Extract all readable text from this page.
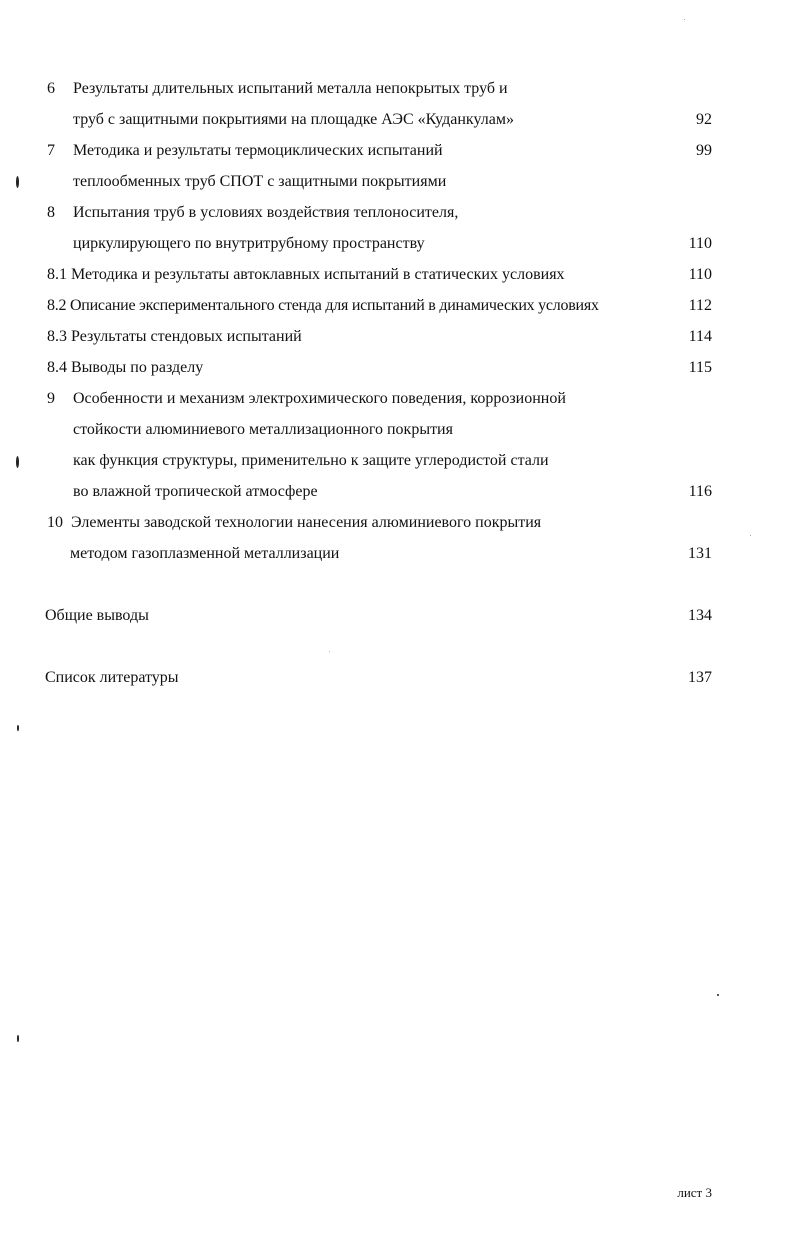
6 Результаты длительных испытаний металла непокрытых труб и
труб с защитными покрытиями на площадке АЭС «Куданкулам»	92
7 Методика и результаты термоциклических испытаний	99
теплообменных труб СПОТ с защитными покрытиями
8 Испытания труб в условиях воздействия теплоносителя,
циркулирующего по внутритрубному пространству	110
8.1 Методика и результаты автоклавных испытаний в статических условиях	110
8.2 Описание экспериментального стенда для испытаний в динамических условиях	112
8.3 Результаты стендовых испытаний	114
8.4 Выводы по разделу	115
9 Особенности и механизм электрохимического поведения, коррозионной
стойкости алюминиевого металлизационного покрытия
как функция структуры, применительно к защите углеродистой стали
во влажной тропической атмосфере	116
10 Элементы заводской технологии нанесения алюминиевого покрытия
методом газоплазменной металлизации	131
Общие выводы	134
Список литературы	137
лист 3
